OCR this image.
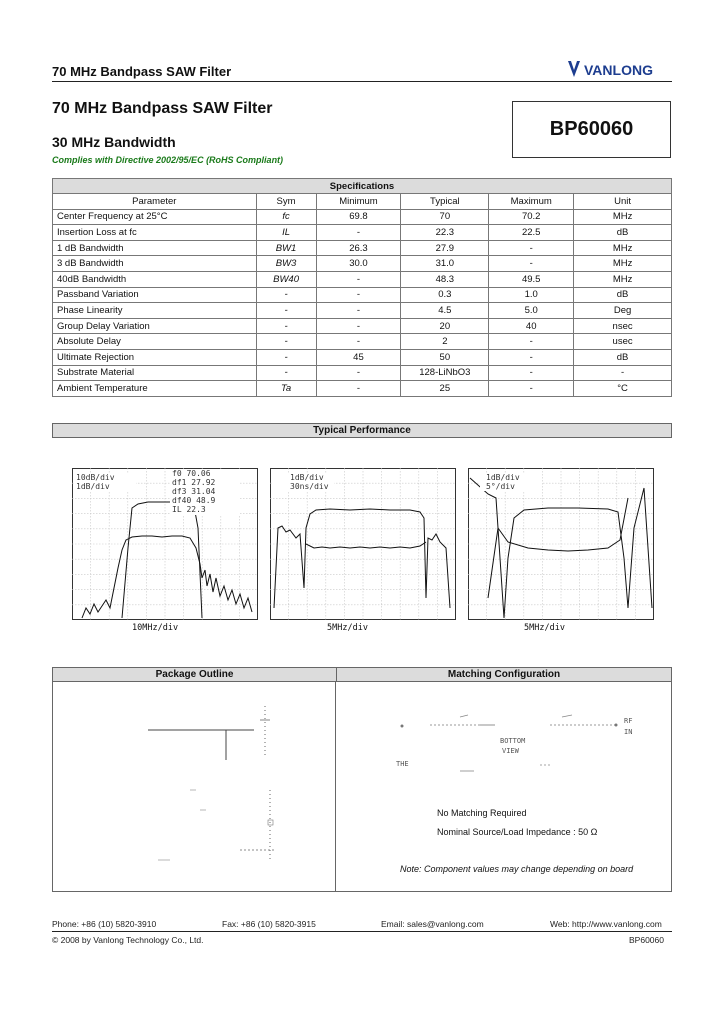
70 MHz Bandpass SAW Filter	VANLONG
70 MHz Bandpass SAW Filter
30 MHz Bandwidth
Complies with Directive 2002/95/EC (RoHS Compliant)
BP60060
Specifications					
Parameter	Sym	Minimum	Typical	Maximum	Unit
Center Frequency at 25°C	fc	69.8	70	70.2	MHz
Insertion Loss at fc	IL	-	22.3	22.5	dB
1 dB Bandwidth	BW1	26.3	27.9	-	MHz
3 dB Bandwidth	BW3	30.0	31.0	-	MHz
40dB Bandwidth	BW40	-	48.3	49.5	MHz
Passband Variation	-	-	0.3	1.0	dB
Phase Linearity	-	-	4.5	5.0	Deg
Group Delay Variation	-	-	20	40	nsec
Absolute Delay	-	-	2	-	usec
Ultimate Rejection	-	45	50	-	dB
Substrate Material	-	-	128-LiNbO3	-	-
Ambient Temperature	Ta	-	25	-	°C
Typical Performance
10dB/div
1dB/div
f0 70.06
df1 27.92
df3 31.04
df40 48.9
IL 22.3
10MHz/div
1dB/div
30ns/div
5MHz/div
1dB/div
5°/div
5MHz/div
Package Outline	Matching Configuration
BOTTOM
VIEW
THE
RF
IN
No Matching Required
Nominal Source/Load Impedance : 50 Ω
Note: Component values may change depending on board
Phone: +86 (10) 5820-3910	Fax: +86 (10) 5820-3915	Email: sales@vanlong.com	Web: http://www.vanlong.com
© 2008 by Vanlong Technology Co., Ltd.	BP60060
